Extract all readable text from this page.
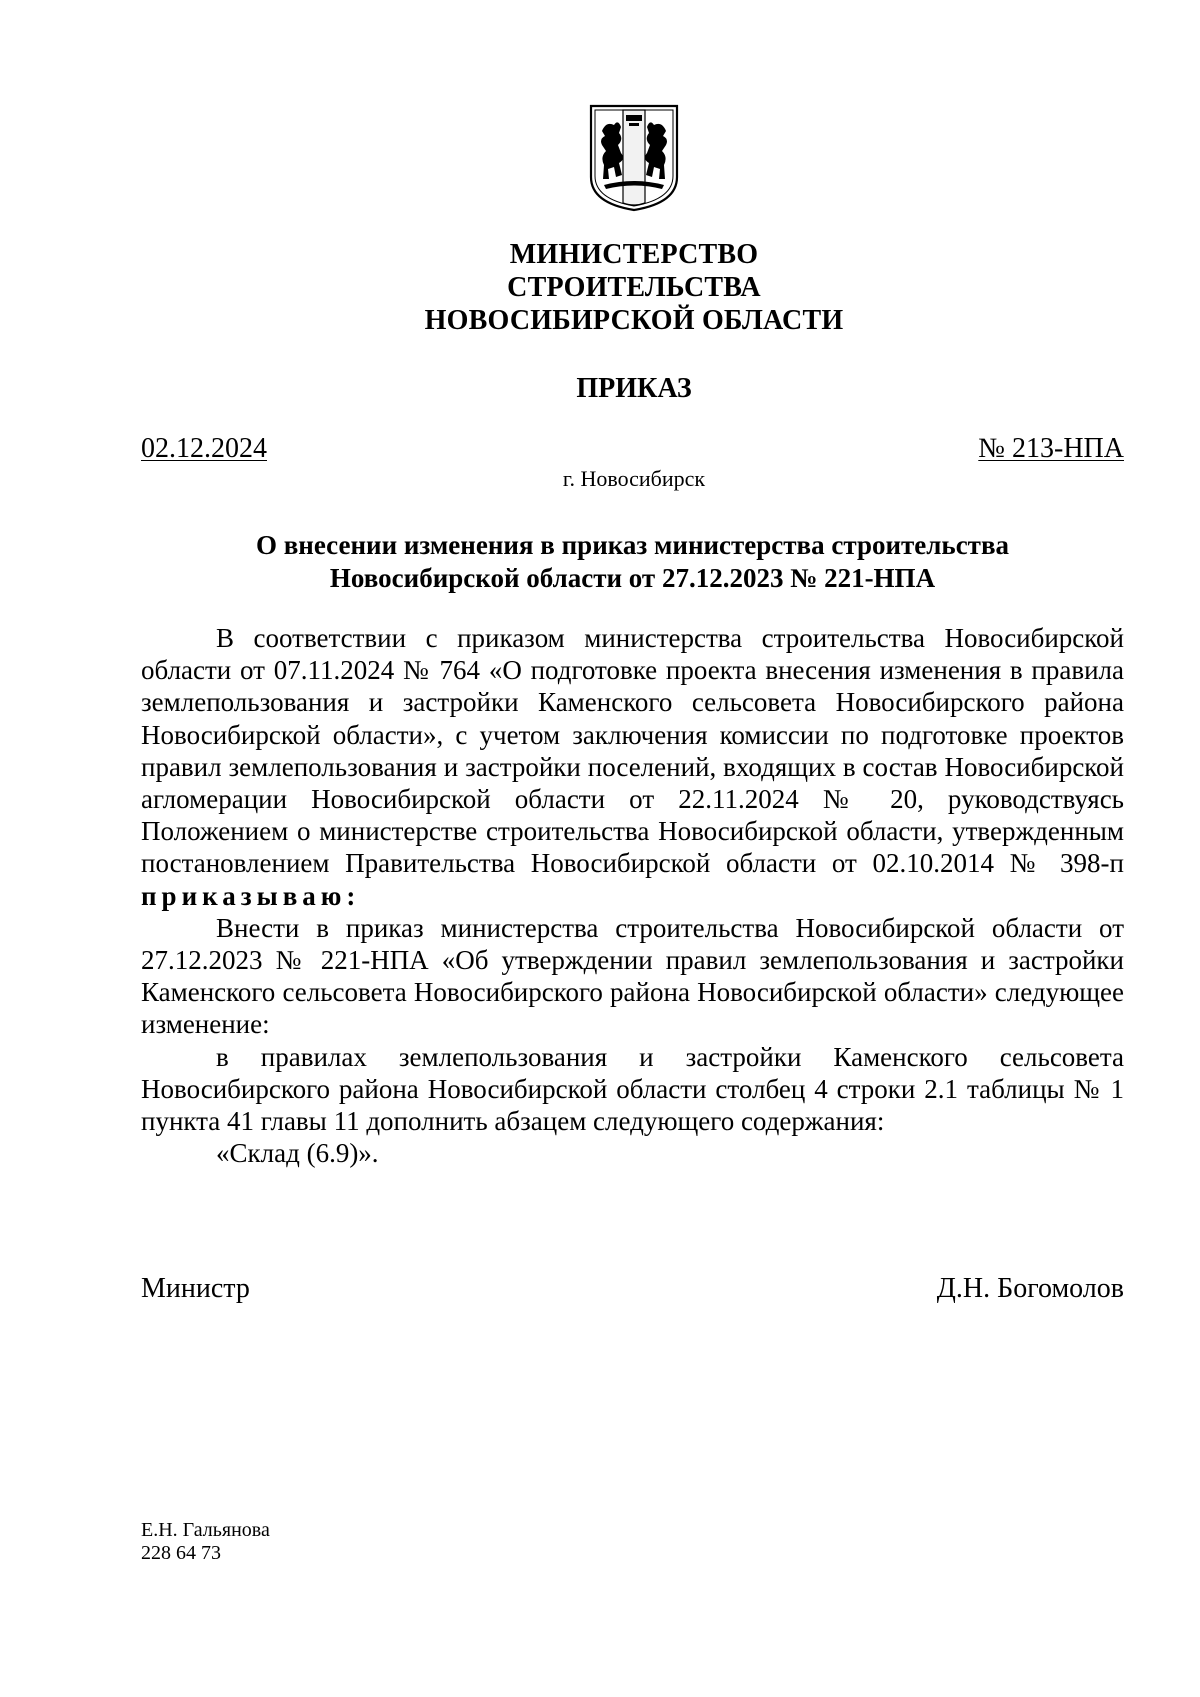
МИНИСТЕРСТВО
СТРОИТЕЛЬСТВА
НОВОСИБИРСКОЙ ОБЛАСТИ
ПРИКАЗ
02.12.2024	№ 213-НПА
г. Новосибирск
О внесении изменения в приказ министерства строительства
Новосибирской области от 27.12.2023 № 221-НПА

В соответствии с приказом министерства строительства Новосибирской области от 07.11.2024 № 764 «О подготовке проекта внесения изменения в правила землепользования и застройки Каменского сельсовета Новосибирского района Новосибирской области», с учетом заключения комиссии по подготовке проектов правил землепользования и застройки поселений, входящих в состав Новосибирской агломерации Новосибирской области от 22.11.2024 № 20, руководствуясь Положением о министерстве строительства Новосибирской области, утвержденным постановлением Правительства Новосибирской области от 02.10.2014 № 398-п приказываю:

Внести в приказ министерства строительства Новосибирской области от 27.12.2023 № 221-НПА «Об утверждении правил землепользования и застройки Каменского сельсовета Новосибирского района Новосибирской области» следующее изменение:

в правилах землепользования и застройки Каменского сельсовета Новосибирского района Новосибирской области столбец 4 строки 2.1 таблицы № 1 пункта 41 главы 11 дополнить абзацем следующего содержания:

«Склад (6.9)».

Министр	Д.Н. Богомолов
Е.Н. Гальянова
228 64 73
